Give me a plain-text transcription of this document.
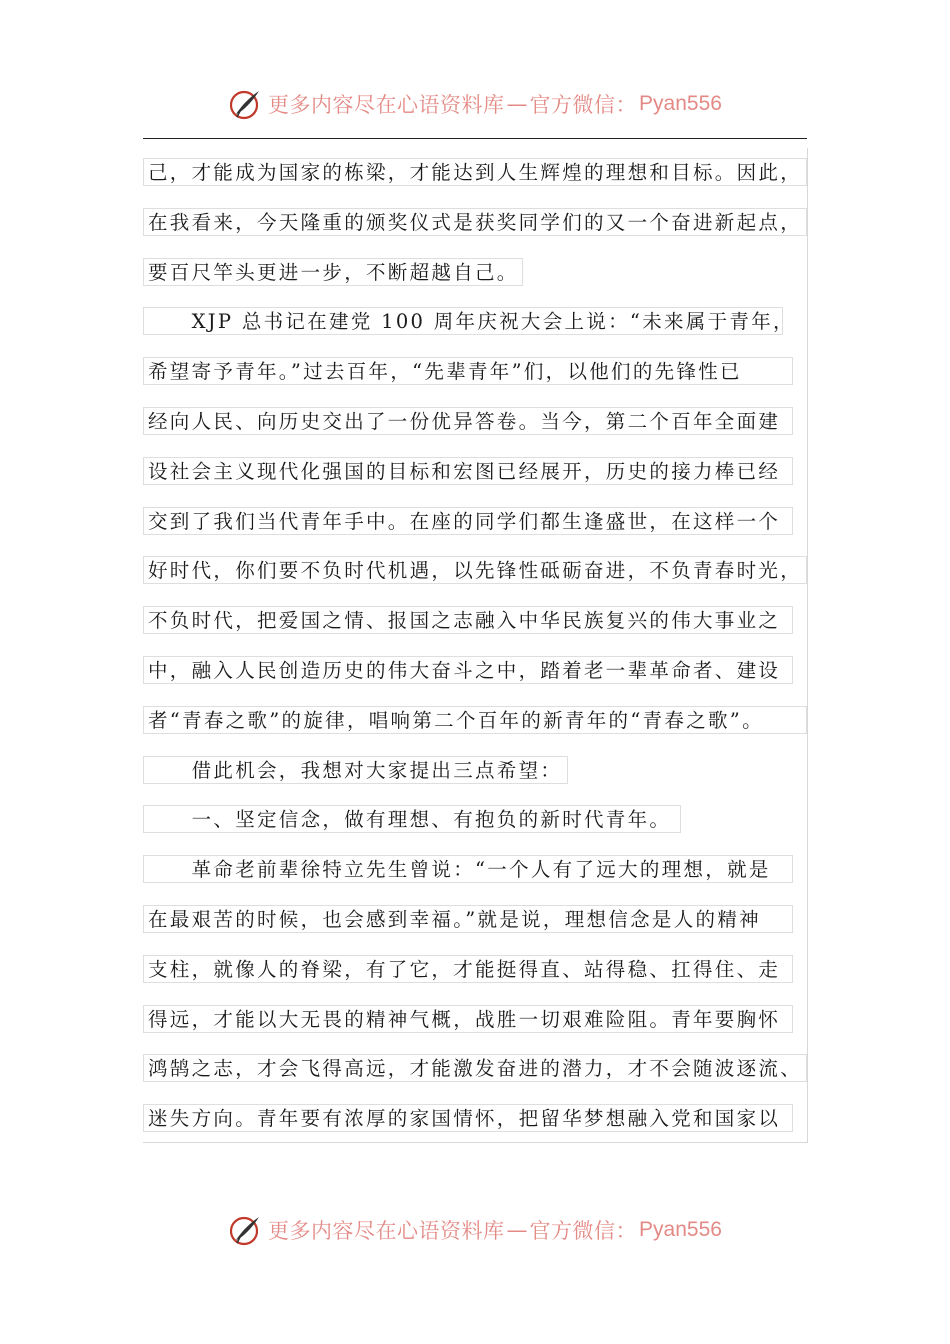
更多内容尽在心语资料库 — 官方微信： Pyan556
己，才能成为国家的栋梁，才能达到人生辉煌的理想和目标。因此，
在我看来，今天隆重的颁奖仪式是获奖同学们的又一个奋进新起点，
要百尺竿头更进一步，不断超越自己。
　　XJP 总书记在建党 100 周年庆祝大会上说：“未来属于青年，
希望寄予青年。”过去百年，“先辈青年”们，以他们的先锋性已
经向人民、向历史交出了一份优异答卷。当今，第二个百年全面建
设社会主义现代化强国的目标和宏图已经展开，历史的接力棒已经
交到了我们当代青年手中。在座的同学们都生逢盛世，在这样一个
好时代，你们要不负时代机遇，以先锋性砥砺奋进，不负青春时光，
不负时代，把爱国之情、报国之志融入中华民族复兴的伟大事业之
中，融入人民创造历史的伟大奋斗之中，踏着老一辈革命者、建设
者“青春之歌”的旋律，唱响第二个百年的新青年的“青春之歌”。
　　借此机会，我想对大家提出三点希望：
　　一、坚定信念，做有理想、有抱负的新时代青年。
　　革命老前辈徐特立先生曾说：“一个人有了远大的理想，就是
在最艰苦的时候，也会感到幸福。”就是说，理想信念是人的精神
支柱，就像人的脊梁，有了它，才能挺得直、站得稳、扛得住、走
得远，才能以大无畏的精神气概，战胜一切艰难险阻。青年要胸怀
鸿鹄之志，才会飞得高远，才能激发奋进的潜力，才不会随波逐流、
迷失方向。青年要有浓厚的家国情怀，把留华梦想融入党和国家以
更多内容尽在心语资料库 — 官方微信： Pyan556
